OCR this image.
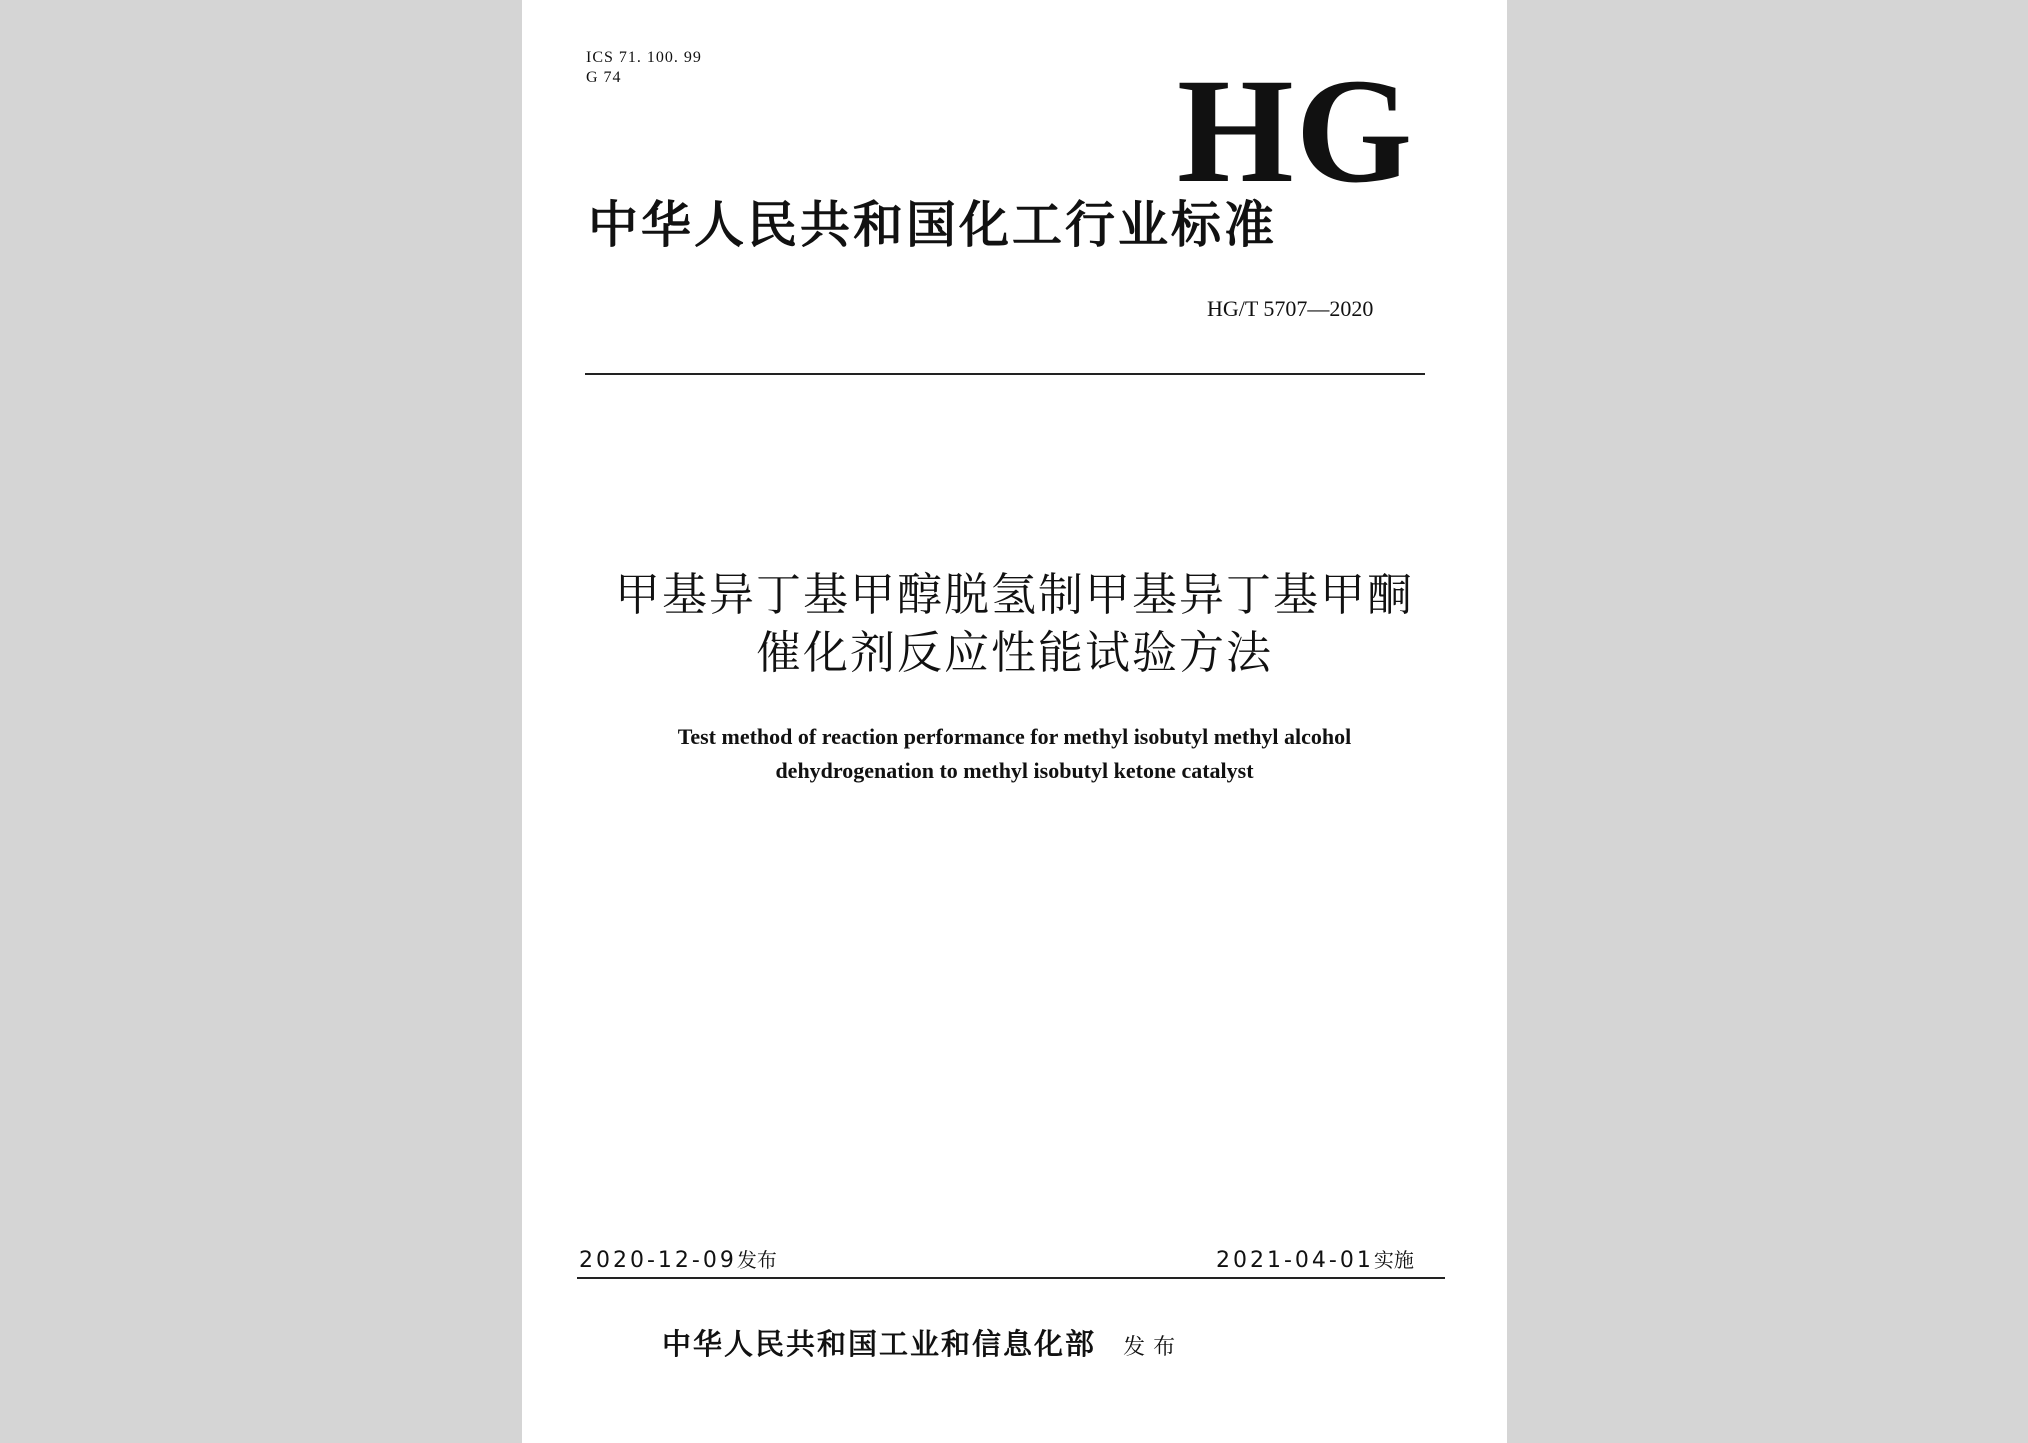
ICS 71. 100. 99
G 74	HG
中华人民共和国化工行业标准
HG/T 5707—2020
甲基异丁基甲醇脱氢制甲基异丁基甲酮
催化剂反应性能试验方法
Test method of reaction performance for methyl isobutyl methyl alcohol
dehydrogenation to methyl isobutyl ketone catalyst
2020-12-09发布	2021-04-01实施
中华人民共和国工业和信息化部 发布
